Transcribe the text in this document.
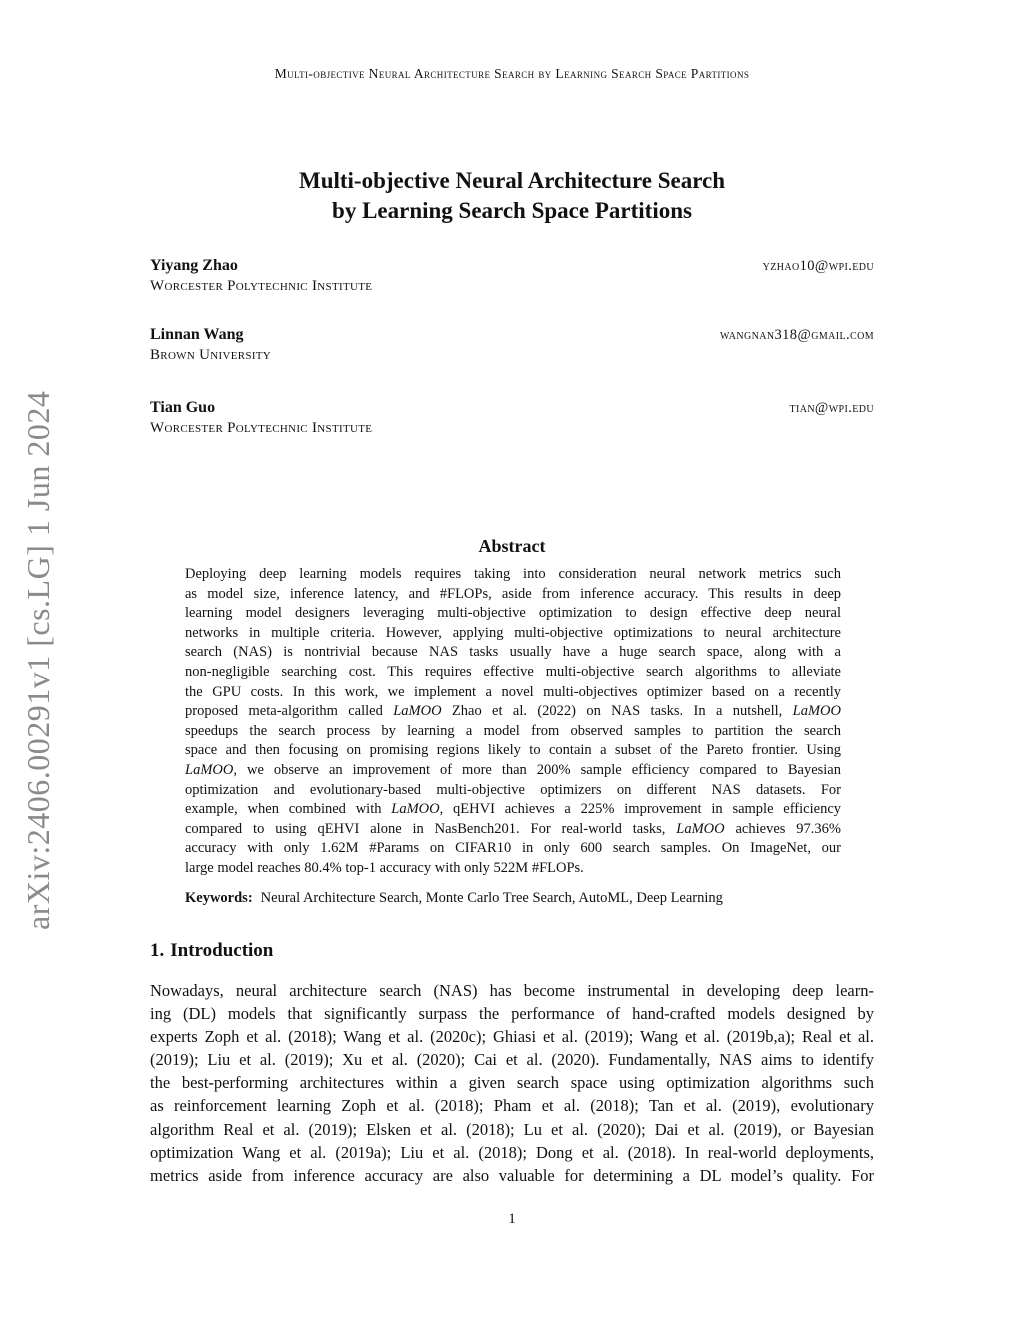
Multi-objective Neural Architecture Search by Learning Search Space Partitions
arXiv:2406.00291v1 [cs.LG] 1 Jun 2024
Multi-objective Neural Architecture Search
by Learning Search Space Partitions
Yiyang Zhao
Worcester Polytechnic Institute
yzhao10@wpi.edu
Linnan Wang
Brown University
wangnan318@gmail.com
Tian Guo
Worcester Polytechnic Institute
tian@wpi.edu
Abstract
Deploying deep learning models requires taking into consideration neural network metrics such
as model size, inference latency, and #FLOPs, aside from inference accuracy. This results in deep
learning model designers leveraging multi-objective optimization to design effective deep neural
networks in multiple criteria. However, applying multi-objective optimizations to neural architecture
search (NAS) is nontrivial because NAS tasks usually have a huge search space, along with a
non-negligible searching cost. This requires effective multi-objective search algorithms to alleviate
the GPU costs. In this work, we implement a novel multi-objectives optimizer based on a recently
proposed meta-algorithm called LaMOO Zhao et al. (2022) on NAS tasks. In a nutshell, LaMOO
speedups the search process by learning a model from observed samples to partition the search
space and then focusing on promising regions likely to contain a subset of the Pareto frontier. Using
LaMOO, we observe an improvement of more than 200% sample efficiency compared to Bayesian
optimization and evolutionary-based multi-objective optimizers on different NAS datasets. For
example, when combined with LaMOO, qEHVI achieves a 225% improvement in sample efficiency
compared to using qEHVI alone in NasBench201. For real-world tasks, LaMOO achieves 97.36%
accuracy with only 1.62M #Params on CIFAR10 in only 600 search samples. On ImageNet, our
large model reaches 80.4% top-1 accuracy with only 522M #FLOPs.
Keywords: Neural Architecture Search, Monte Carlo Tree Search, AutoML, Deep Learning
1. Introduction
Nowadays, neural architecture search (NAS) has become instrumental in developing deep learn-
ing (DL) models that significantly surpass the performance of hand-crafted models designed by
experts Zoph et al. (2018); Wang et al. (2020c); Ghiasi et al. (2019); Wang et al. (2019b,a); Real et al.
(2019); Liu et al. (2019); Xu et al. (2020); Cai et al. (2020). Fundamentally, NAS aims to identify
the best-performing architectures within a given search space using optimization algorithms such
as reinforcement learning Zoph et al. (2018); Pham et al. (2018); Tan et al. (2019), evolutionary
algorithm Real et al. (2019); Elsken et al. (2018); Lu et al. (2020); Dai et al. (2019), or Bayesian
optimization Wang et al. (2019a); Liu et al. (2018); Dong et al. (2018). In real-world deployments,
metrics aside from inference accuracy are also valuable for determining a DL model’s quality. For
1
